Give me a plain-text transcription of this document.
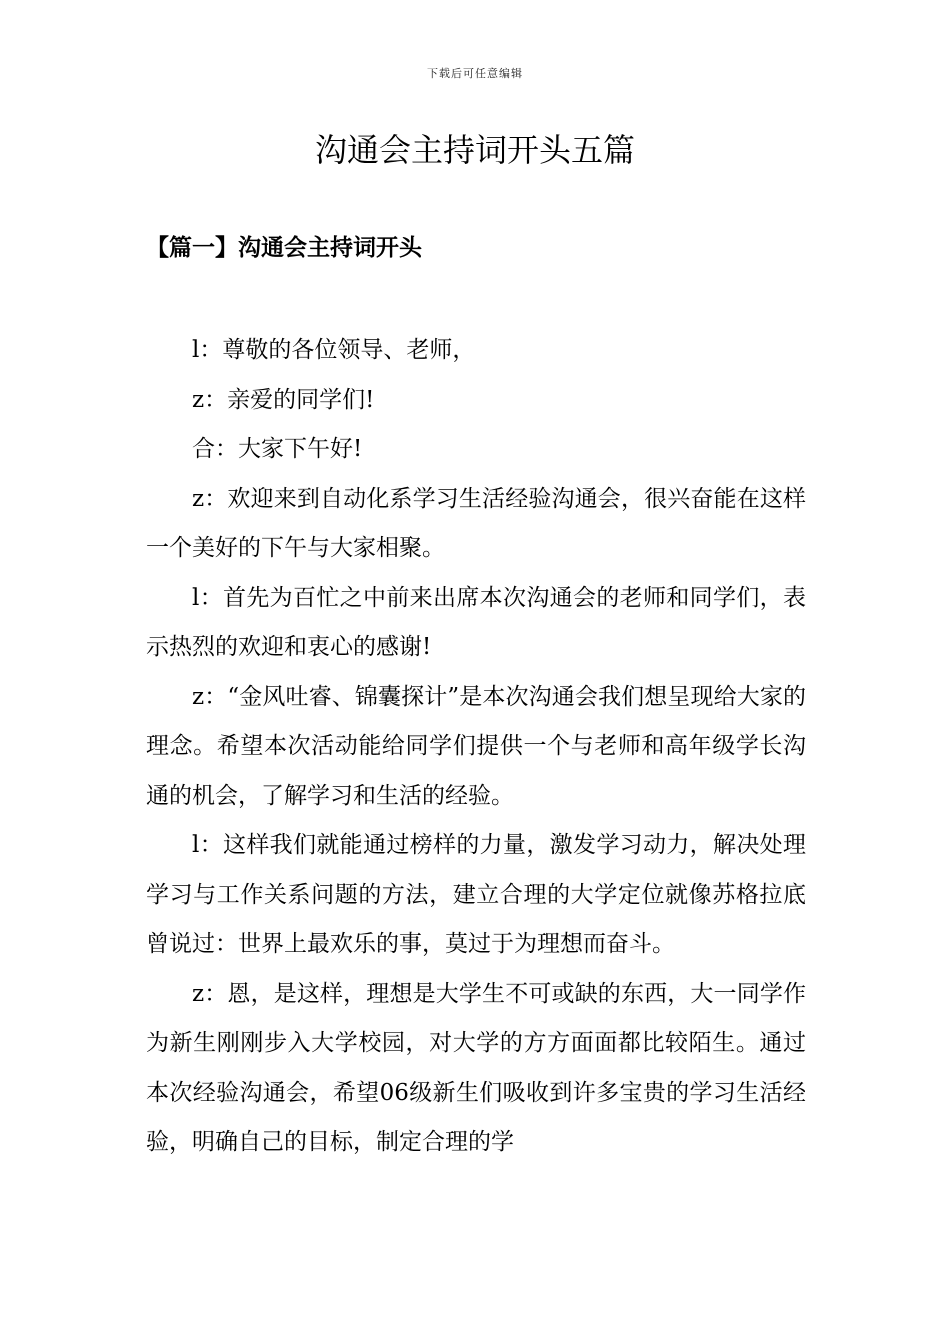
下载后可任意编辑
沟通会主持词开头五篇
【篇一】沟通会主持词开头

l：尊敬的各位领导、老师，

z：亲爱的同学们!

合：大家下午好!

z：欢迎来到自动化系学习生活经验沟通会，很兴奋能在这样一个美好的下午与大家相聚。

l：首先为百忙之中前来出席本次沟通会的老师和同学们，表示热烈的欢迎和衷心的感谢!

z：“金风吐睿、锦囊探计”是本次沟通会我们想呈现给大家的理念。希望本次活动能给同学们提供一个与老师和高年级学长沟通的机会，了解学习和生活的经验。

l：这样我们就能通过榜样的力量，激发学习动力，解决处理学习与工作关系问题的方法，建立合理的大学定位就像苏格拉底曾说过：世界上最欢乐的事，莫过于为理想而奋斗。

z：恩，是这样，理想是大学生不可或缺的东西，大一同学作为新生刚刚步入大学校园，对大学的方方面面都比较陌生。通过本次经验沟通会，希望06级新生们吸收到许多宝贵的学习生活经验，明确自己的目标，制定合理的学
